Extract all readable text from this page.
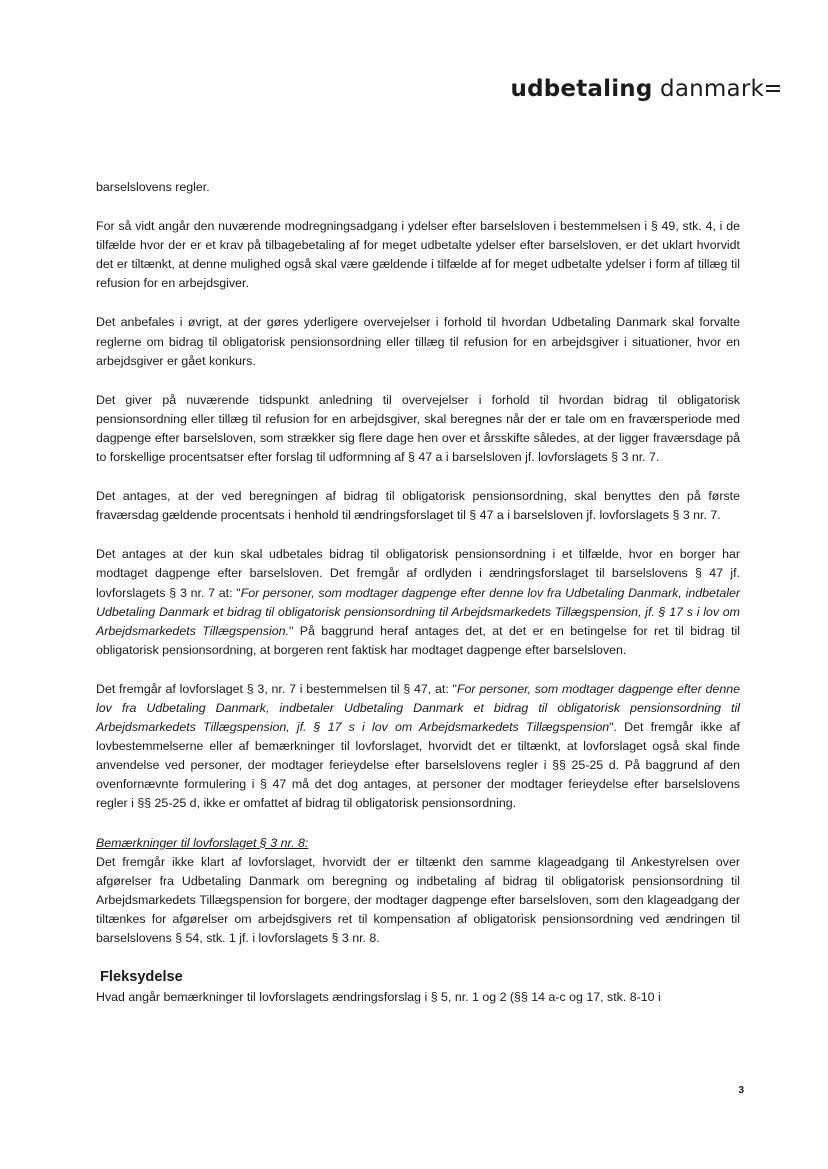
udbetaling danmark

barselslovens regler.

For så vidt angår den nuværende modregningsadgang i ydelser efter barselsloven i bestemmelsen i § 49, stk. 4, i de tilfælde hvor der er et krav på tilbagebetaling af for meget udbetalte ydelser efter barselsloven, er det uklart hvorvidt det er tiltænkt, at denne mulighed også skal være gældende i tilfælde af for meget udbetalte ydelser i form af tillæg til refusion for en arbejdsgiver.

Det anbefales i øvrigt, at der gøres yderligere overvejelser i forhold til hvordan Udbetaling Danmark skal forvalte reglerne om bidrag til obligatorisk pensionsordning eller tillæg til refusion for en arbejdsgiver i situationer, hvor en arbejdsgiver er gået konkurs.

Det giver på nuværende tidspunkt anledning til overvejelser i forhold til hvordan bidrag til obligatorisk pensionsordning eller tillæg til refusion for en arbejdsgiver, skal beregnes når der er tale om en fraværsperiode med dagpenge efter barselsloven, som strækker sig flere dage hen over et årsskifte således, at der ligger fraværsdage på to forskellige procentsatser efter forslag til udformning af § 47 a i barselsloven jf. lovforslagets § 3 nr. 7.

Det antages, at der ved beregningen af bidrag til obligatorisk pensionsordning, skal benyttes den på første fraværsdag gældende procentsats i henhold til ændringsforslaget til § 47 a i barselsloven jf. lovforslagets § 3 nr. 7.

Det antages at der kun skal udbetales bidrag til obligatorisk pensionsordning i et tilfælde, hvor en borger har modtaget dagpenge efter barselsloven. Det fremgår af ordlyden i ændringsforslaget til barselslovens § 47 jf. lovforslagets § 3 nr. 7 at: "For personer, som modtager dagpenge efter denne lov fra Udbetaling Danmark, indbetaler Udbetaling Danmark et bidrag til obligatorisk pensionsordning til Arbejdsmarkedets Tillægspension, jf. § 17 s i lov om Arbejdsmarkedets Tillægspension." På baggrund heraf antages det, at det er en betingelse for ret til bidrag til obligatorisk pensionsordning, at borgeren rent faktisk har modtaget dagpenge efter barselsloven.

Det fremgår af lovforslaget § 3, nr. 7 i bestemmelsen til § 47, at: "For personer, som modtager dagpenge efter denne lov fra Udbetaling Danmark, indbetaler Udbetaling Danmark et bidrag til obligatorisk pensionsordning til Arbejdsmarkedets Tillægspension, jf. § 17 s i lov om Arbejdsmarkedets Tillægspension". Det fremgår ikke af lovbestemmelserne eller af bemærkninger til lovforslaget, hvorvidt det er tiltænkt, at lovforslaget også skal finde anvendelse ved personer, der modtager ferieydelse efter barselslovens regler i §§ 25-25 d. På baggrund af den ovenfornævnte formulering i § 47 må det dog antages, at personer der modtager ferieydelse efter barselslovens regler i §§ 25-25 d, ikke er omfattet af bidrag til obligatorisk pensionsordning.

Bemærkninger til lovforslaget § 3 nr. 8:

Det fremgår ikke klart af lovforslaget, hvorvidt der er tiltænkt den samme klageadgang til Ankestyrelsen over afgørelser fra Udbetaling Danmark om beregning og indbetaling af bidrag til obligatorisk pensionsordning til Arbejdsmarkedets Tillægspension for borgere, der modtager dagpenge efter barselsloven, som den klageadgang der tiltænkes for afgørelser om arbejdsgivers ret til kompensation af obligatorisk pensionsordning ved ændringen til barselslovens § 54, stk. 1 jf. i lovforslagets § 3 nr. 8.

Fleksydelse

Hvad angår bemærkninger til lovforslagets ændringsforslag i § 5, nr. 1 og 2 (§§ 14 a-c og 17, stk. 8-10 i

3
